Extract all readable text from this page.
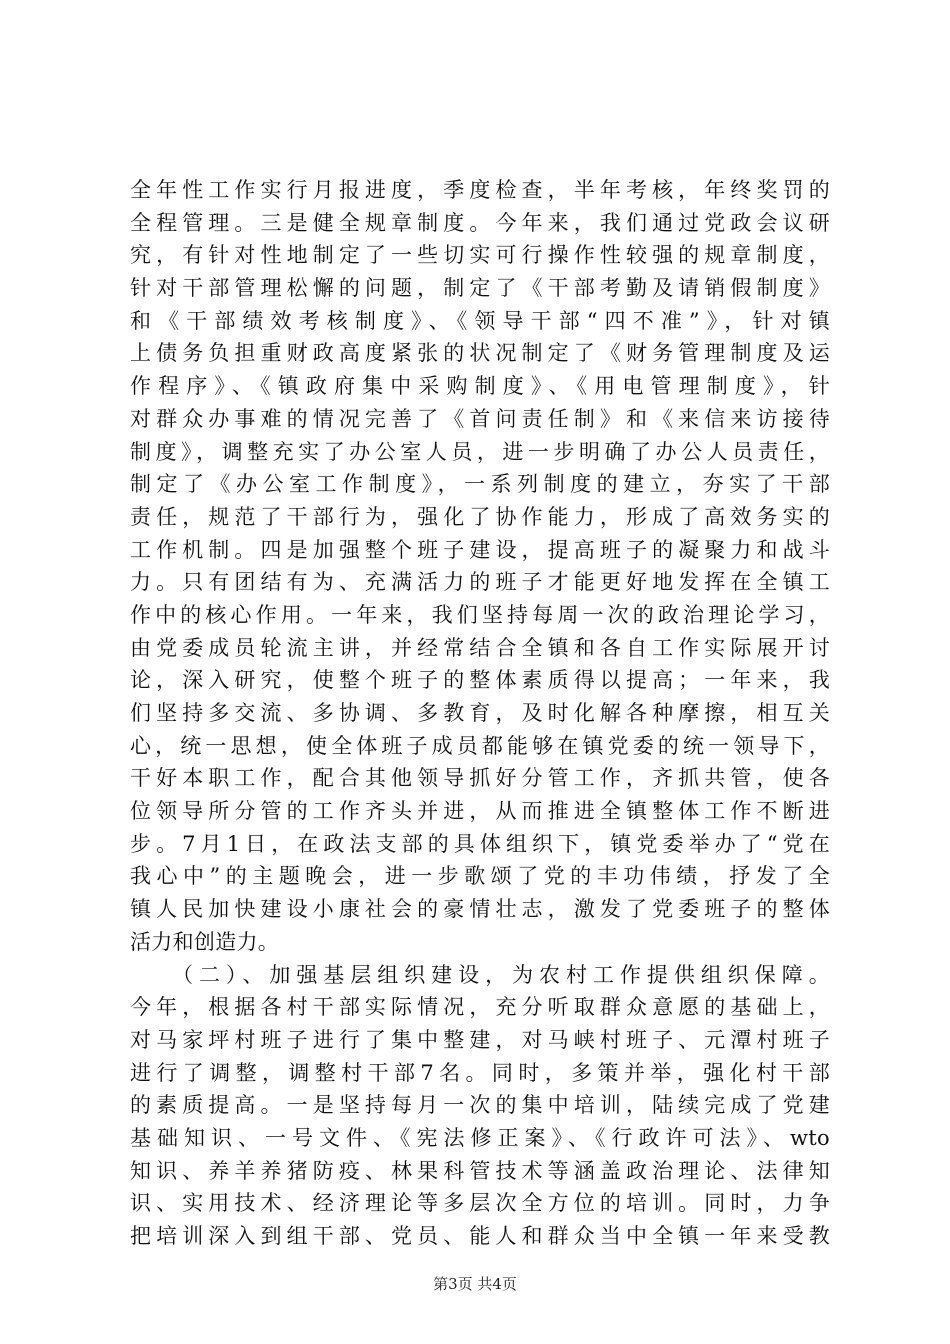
全年性工作实行月报进度，季度检查，半年考核，年终奖罚的
全程管理。三是健全规章制度。今年来，我们通过党政会议研
究，有针对性地制定了一些切实可行操作性较强的规章制度，
针对干部管理松懈的问题，制定了《干部考勤及请销假制度》
和《干部绩效考核制度》、《领导干部“四不准”》，针对镇
上债务负担重财政高度紧张的状况制定了《财务管理制度及运
作程序》、《镇政府集中采购制度》、《用电管理制度》，针
对群众办事难的情况完善了《首问责任制》和《来信来访接待
制度》，调整充实了办公室人员，进一步明确了办公人员责任，
制定了《办公室工作制度》，一系列制度的建立，夯实了干部
责任，规范了干部行为，强化了协作能力，形成了高效务实的
工作机制。四是加强整个班子建设，提高班子的凝聚力和战斗
力。只有团结有为、充满活力的班子才能更好地发挥在全镇工
作中的核心作用。一年来，我们坚持每周一次的政治理论学习，
由党委成员轮流主讲，并经常结合全镇和各自工作实际展开讨
论，深入研究，使整个班子的整体素质得以提高；一年来，我
们坚持多交流、多协调、多教育，及时化解各种摩擦，相互关
心，统一思想，使全体班子成员都能够在镇党委的统一领导下，
干好本职工作，配合其他领导抓好分管工作，齐抓共管，使各
位领导所分管的工作齐头并进，从而推进全镇整体工作不断进
步。7月1日，在政法支部的具体组织下，镇党委举办了“党在
我心中”的主题晚会，进一步歌颂了党的丰功伟绩，抒发了全
镇人民加快建设小康社会的豪情壮志，激发了党委班子的整体
活力和创造力。
（二）、加强基层组织建设，为农村工作提供组织保障。
今年，根据各村干部实际情况，充分听取群众意愿的基础上，
对马家坪村班子进行了集中整建，对马峡村班子、元潭村班子
进行了调整，调整村干部7名。同时，多策并举，强化村干部
的素质提高。一是坚持每月一次的集中培训，陆续完成了党建
基础知识、一号文件、《宪法修正案》、《行政许可法》、wto
知识、养羊养猪防疫、林果科管技术等涵盖政治理论、法律知
识、实用技术、经济理论等多层次全方位的培训。同时，力争
把培训深入到组干部、党员、能人和群众当中全镇一年来受教
第3页 共4页
